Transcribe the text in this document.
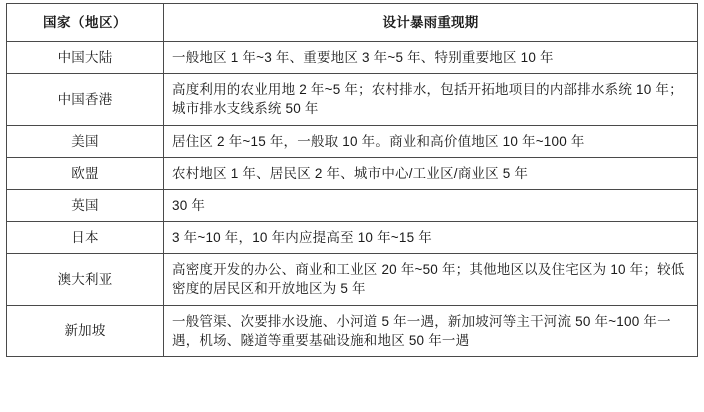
国家（地区）	设计暴雨重现期
中国大陆	一般地区 1 年~3 年、重要地区 3 年~5 年、特别重要地区 10 年
中国香港	高度利用的农业用地 2 年~5 年；农村排水，包括开拓地项目的内部排水系统 10 年；城市排水支线系统 50 年
美国	居住区 2 年~15 年，一般取 10 年。商业和高价值地区 10 年~100 年
欧盟	农村地区 1 年、居民区 2 年、城市中心/工业区/商业区 5 年
英国	30 年
日本	3 年~10 年，10 年内应提高至 10 年~15 年
澳大利亚	高密度开发的办公、商业和工业区 20 年~50 年；其他地区以及住宅区为 10 年；较低密度的居民区和开放地区为 5 年
新加坡	一般管渠、次要排水设施、小河道 5 年一遇，新加坡河等主干河流 50 年~100 年一遇，机场、隧道等重要基础设施和地区 50 年一遇
